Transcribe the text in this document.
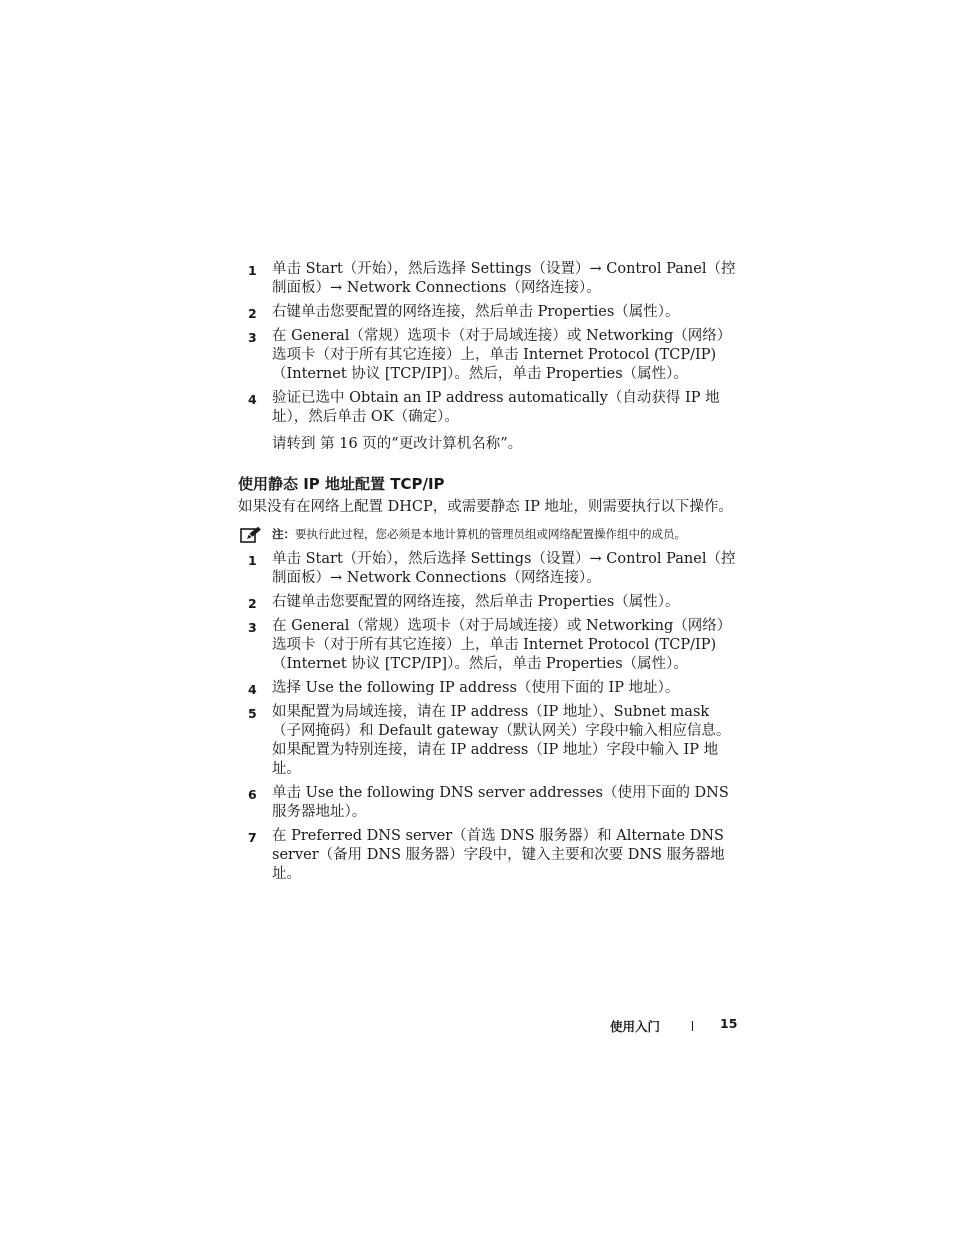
1 单击 Start（开始），然后选择 Settings（设置）→ Control Panel（控制面板）→ Network Connections（网络连接）。
2 右键单击您要配置的网络连接，然后单击 Properties（属性）。
3 在 General（常规）选项卡（对于局域连接）或 Networking（网络）选项卡（对于所有其它连接）上，单击 Internet Protocol (TCP/IP)（Internet 协议 [TCP/IP]）。然后，单击 Properties（属性）。
4 验证已选中 Obtain an IP address automatically（自动获得 IP 地址），然后单击 OK（确定）。

请转到 第 16 页的“更改计算机名称”。

使用静态 IP 地址配置 TCP/IP

如果没有在网络上配置 DHCP，或需要静态 IP 地址，则需要执行以下操作。

注：要执行此过程，您必须是本地计算机的管理员组或网络配置操作组中的成员。
1 单击 Start（开始），然后选择 Settings（设置）→ Control Panel（控制面板）→ Network Connections（网络连接）。
2 右键单击您要配置的网络连接，然后单击 Properties（属性）。
3 在 General（常规）选项卡（对于局域连接）或 Networking（网络）选项卡（对于所有其它连接）上，单击 Internet Protocol (TCP/IP)（Internet 协议 [TCP/IP]）。然后，单击 Properties（属性）。
4 选择 Use the following IP address（使用下面的 IP 地址）。
5 如果配置为局域连接，请在 IP address（IP 地址）、Subnet mask（子网掩码）和 Default gateway（默认网关）字段中输入相应信息。如果配置为特别连接，请在 IP address（IP 地址）字段中输入 IP 地址。
6 单击 Use the following DNS server addresses（使用下面的 DNS 服务器地址）。
7 在 Preferred DNS server（首选 DNS 服务器）和 Alternate DNS server（备用 DNS 服务器）字段中，键入主要和次要 DNS 服务器地址。
使用入门	15
